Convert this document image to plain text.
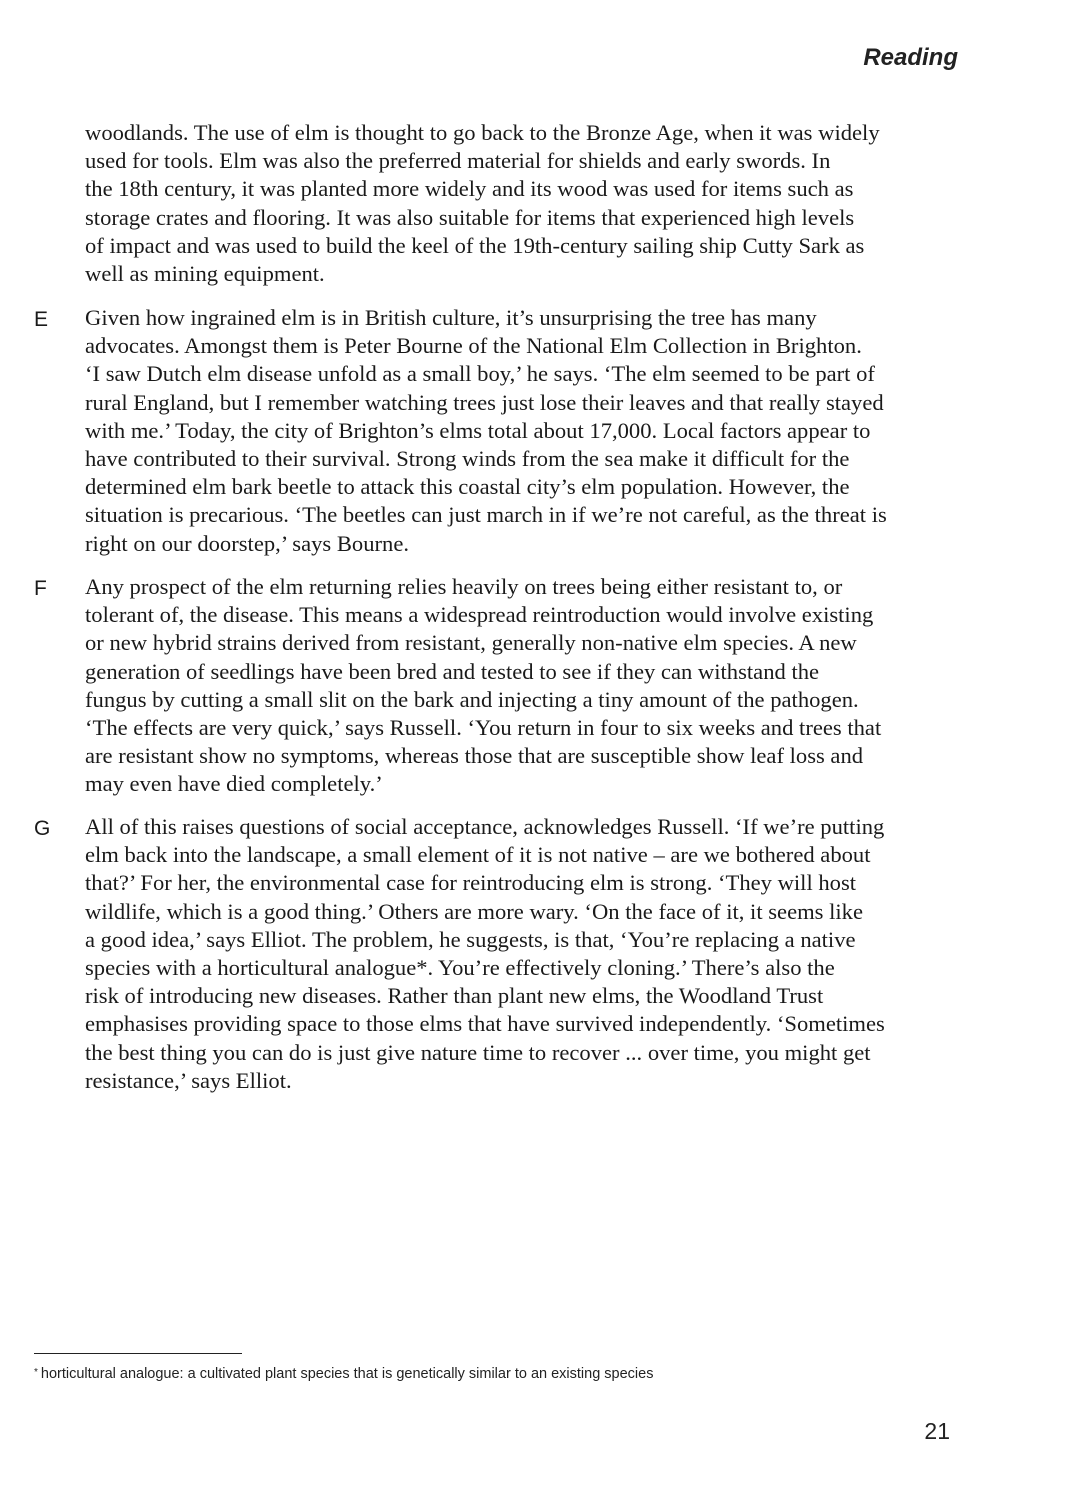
Reading
woodlands. The use of elm is thought to go back to the Bronze Age, when it was widely
used for tools. Elm was also the preferred material for shields and early swords. In
the 18th century, it was planted more widely and its wood was used for items such as
storage crates and flooring. It was also suitable for items that experienced high levels
of impact and was used to build the keel of the 19th-century sailing ship Cutty Sark as
well as mining equipment.
E Given how ingrained elm is in British culture, it’s unsurprising the tree has many
advocates. Amongst them is Peter Bourne of the National Elm Collection in Brighton.
‘I saw Dutch elm disease unfold as a small boy,’ he says. ‘The elm seemed to be part of
rural England, but I remember watching trees just lose their leaves and that really stayed
with me.’ Today, the city of Brighton’s elms total about 17,000. Local factors appear to
have contributed to their survival. Strong winds from the sea make it difficult for the
determined elm bark beetle to attack this coastal city’s elm population. However, the
situation is precarious. ‘The beetles can just march in if we’re not careful, as the threat is
right on our doorstep,’ says Bourne.
F Any prospect of the elm returning relies heavily on trees being either resistant to, or
tolerant of, the disease. This means a widespread reintroduction would involve existing
or new hybrid strains derived from resistant, generally non-native elm species. A new
generation of seedlings have been bred and tested to see if they can withstand the
fungus by cutting a small slit on the bark and injecting a tiny amount of the pathogen.
‘The effects are very quick,’ says Russell. ‘You return in four to six weeks and trees that
are resistant show no symptoms, whereas those that are susceptible show leaf loss and
may even have died completely.’
G All of this raises questions of social acceptance, acknowledges Russell. ‘If we’re putting
elm back into the landscape, a small element of it is not native – are we bothered about
that?’ For her, the environmental case for reintroducing elm is strong. ‘They will host
wildlife, which is a good thing.’ Others are more wary. ‘On the face of it, it seems like
a good idea,’ says Elliot. The problem, he suggests, is that, ‘You’re replacing a native
species with a horticultural analogue*. You’re effectively cloning.’ There’s also the
risk of introducing new diseases. Rather than plant new elms, the Woodland Trust
emphasises providing space to those elms that have survived independently. ‘Sometimes
the best thing you can do is just give nature time to recover ... over time, you might get
resistance,’ says Elliot.
* horticultural analogue: a cultivated plant species that is genetically similar to an existing species
21
